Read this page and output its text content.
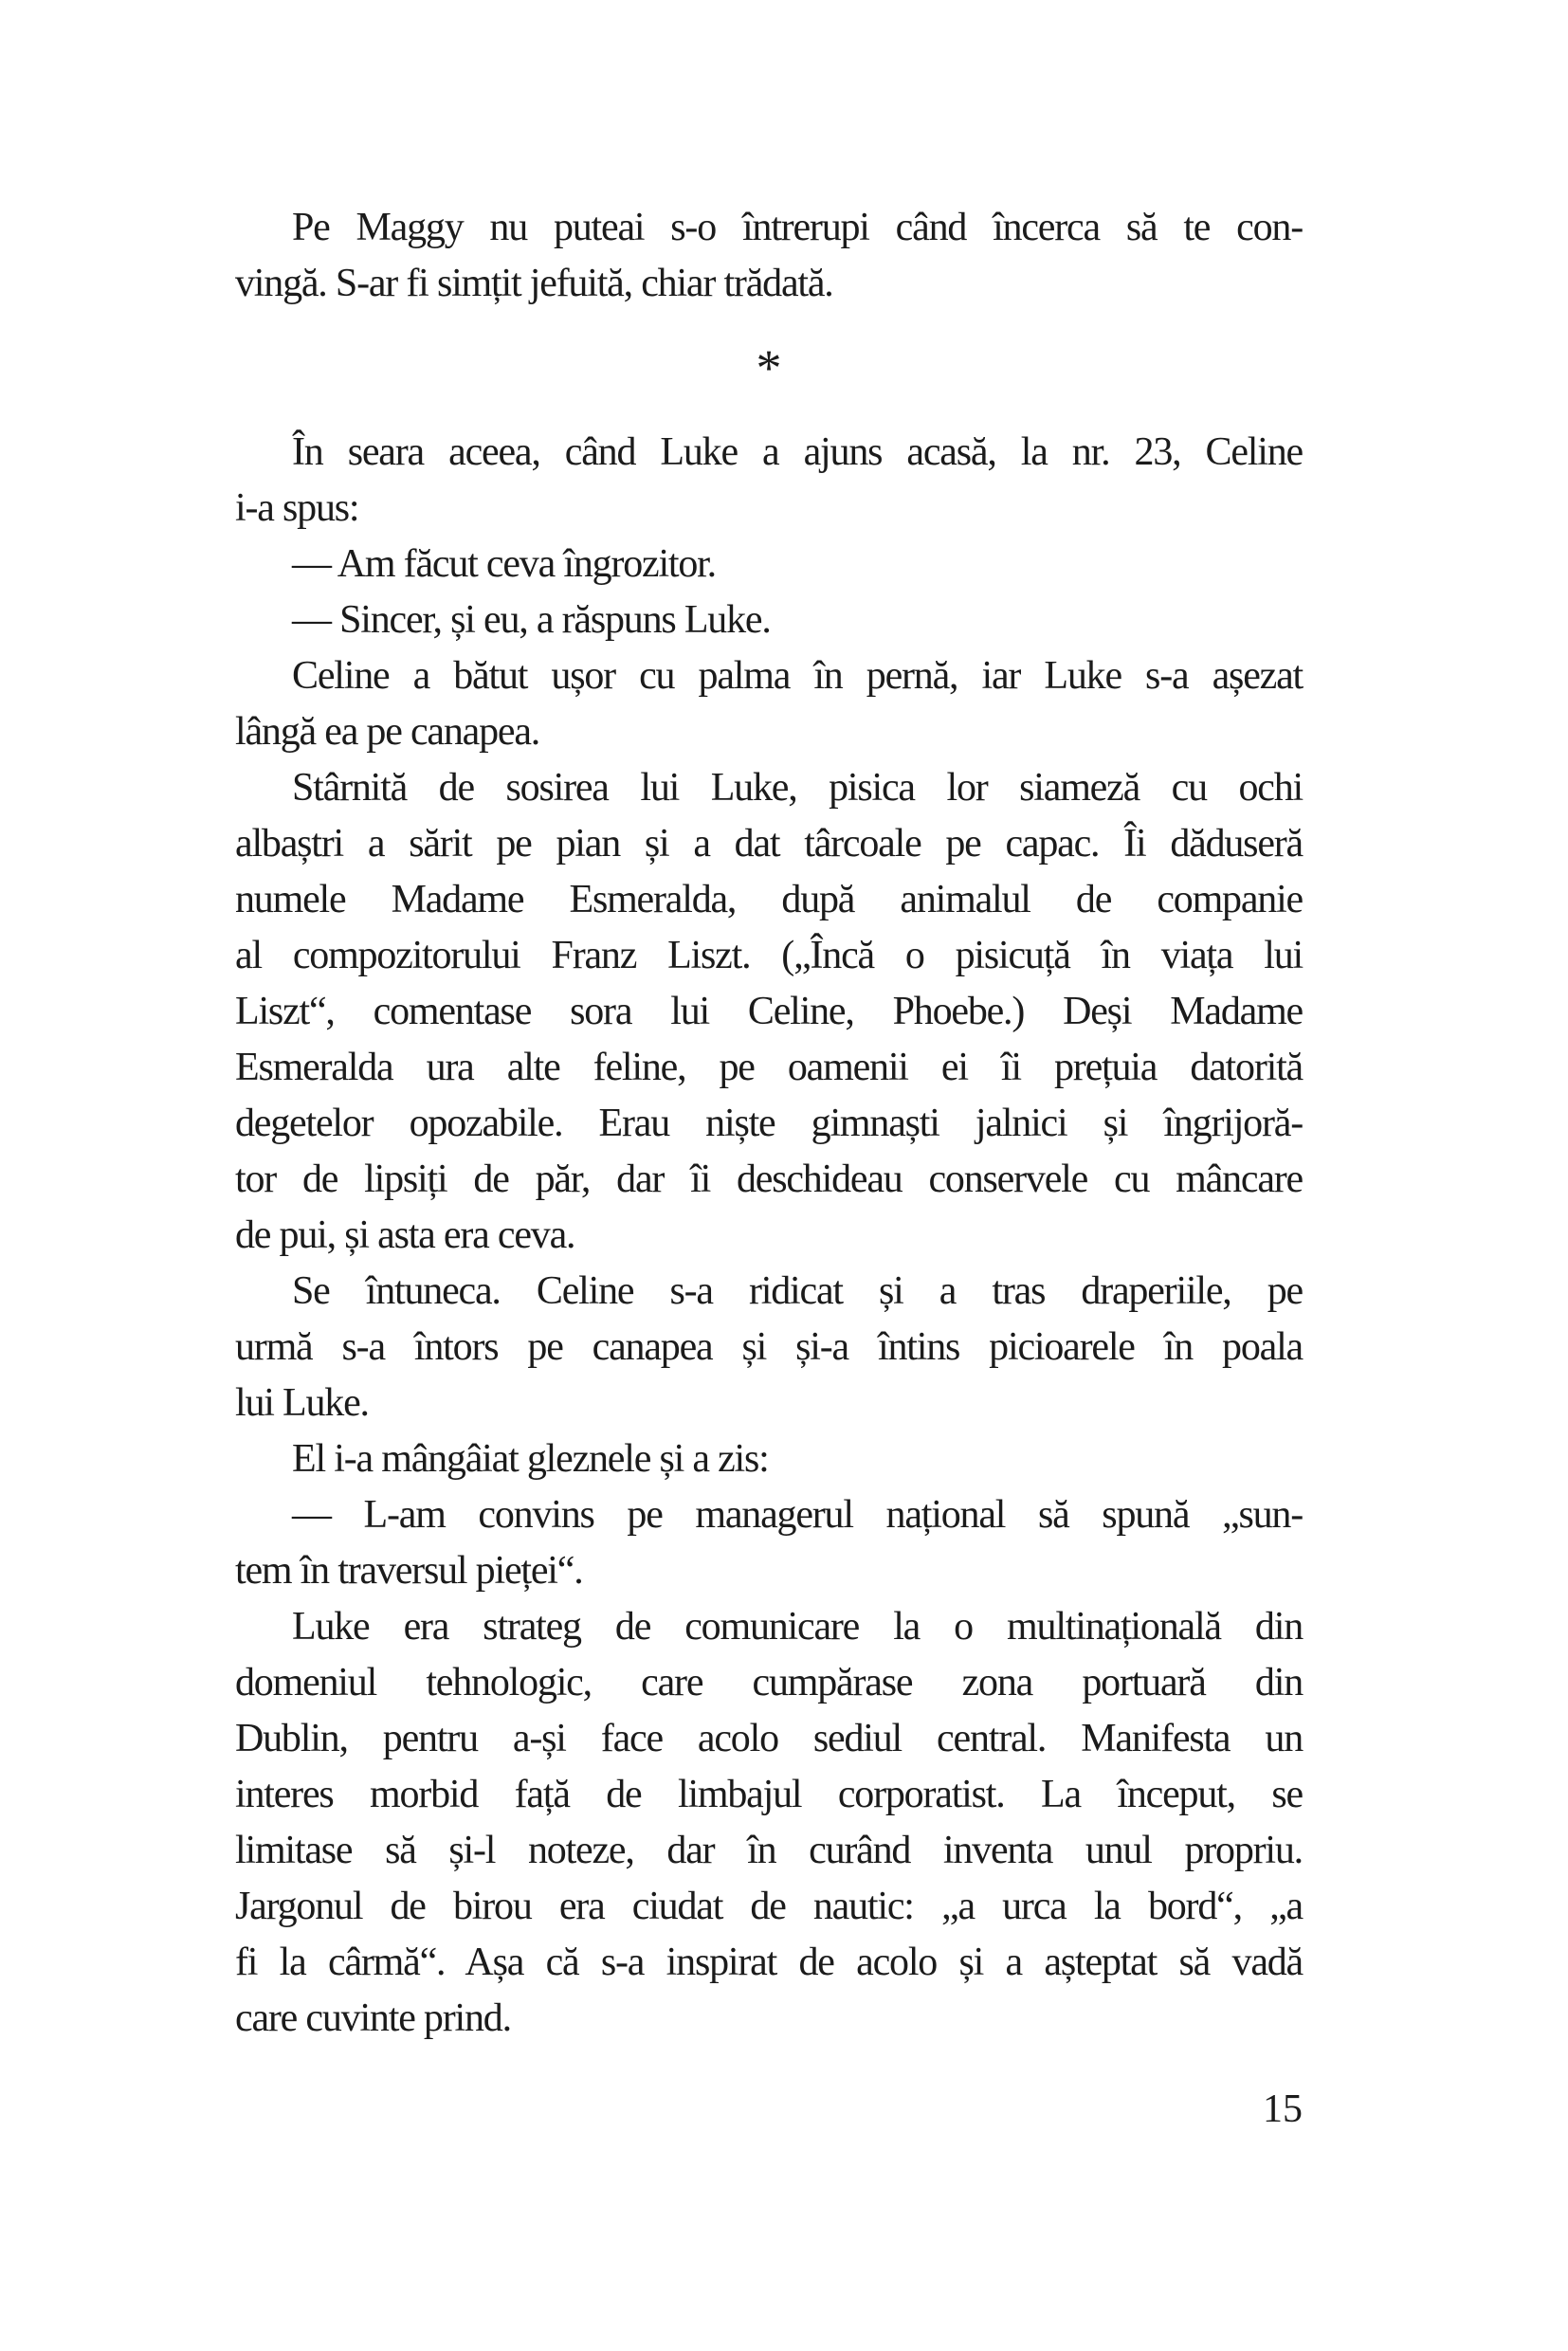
Pe Maggy nu puteai s-o întrerupi când încerca să te con-
vingă. S-ar fi simțit jefuită, chiar trădată.
*
În seara aceea, când Luke a ajuns acasă, la nr. 23, Celine
i-a spus:
— Am făcut ceva îngrozitor.
— Sincer, și eu, a răspuns Luke.
Celine a bătut ușor cu palma în pernă, iar Luke s-a așezat
lângă ea pe canapea.
Stârnită de sosirea lui Luke, pisica lor siameză cu ochi
albaștri a sărit pe pian și a dat târcoale pe capac. Îi dăduseră
numele Madame Esmeralda, după animalul de companie
al compozitorului Franz Liszt. („Încă o pisicuță în viața lui
Liszt“, comentase sora lui Celine, Phoebe.) Deși Madame
Esmeralda ura alte feline, pe oamenii ei îi prețuia datorită
degetelor opozabile. Erau niște gimnaști jalnici și îngrijoră-
tor de lipsiți de păr, dar îi deschideau conservele cu mâncare
de pui, și asta era ceva.
Se întuneca. Celine s-a ridicat și a tras draperiile, pe
urmă s-a întors pe canapea și și-a întins picioarele în poala
lui Luke.
El i-a mângâiat gleznele și a zis:
— L-am convins pe managerul național să spună „sun-
tem în traversul pieței“.
Luke era strateg de comunicare la o multinațională din
domeniul tehnologic, care cumpărase zona portuară din
Dublin, pentru a-și face acolo sediul central. Manifesta un
interes morbid față de limbajul corporatist. La început, se
limitase să și-l noteze, dar în curând inventa unul propriu.
Jargonul de birou era ciudat de nautic: „a urca la bord“, „a
fi la cârmă“. Așa că s-a inspirat de acolo și a așteptat să vadă
care cuvinte prind.
15
